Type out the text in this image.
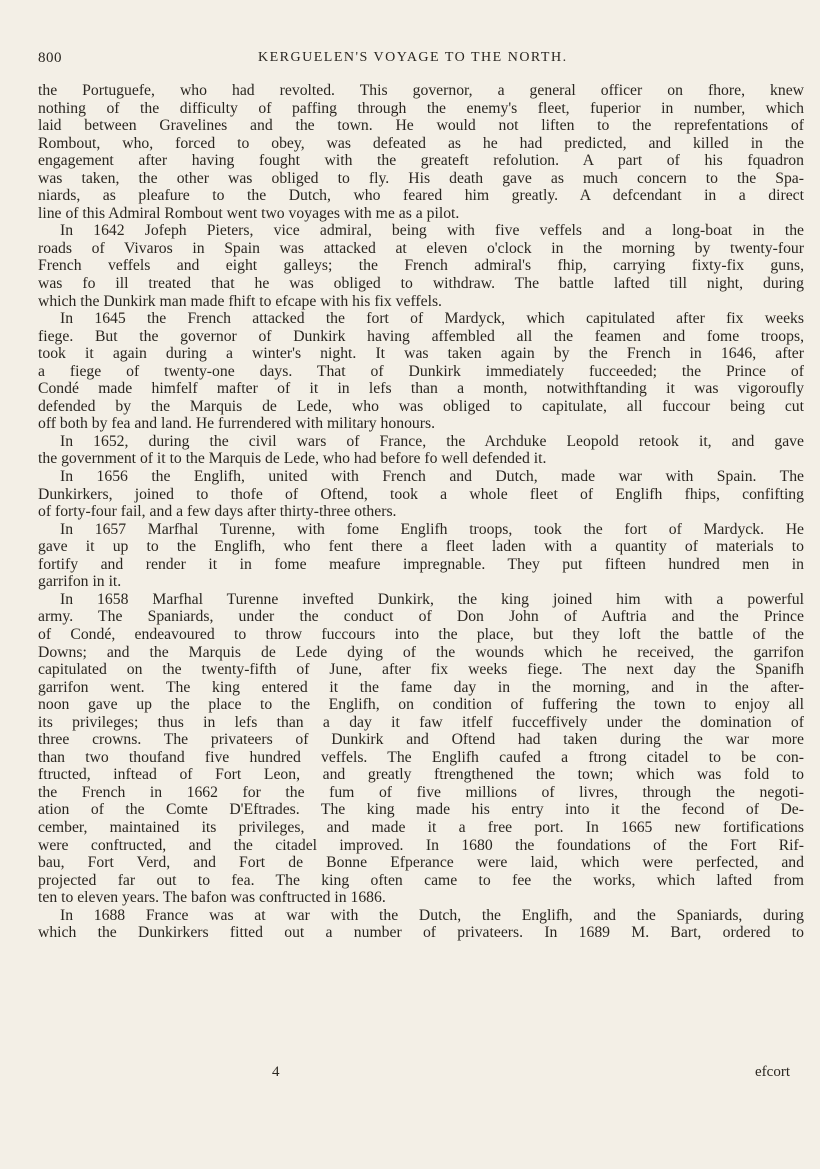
800	KERGUELEN'S VOYAGE TO THE NORTH.
the Portuguefe, who had revolted. This governor, a general officer on fhore, knew
nothing of the difficulty of paffing through the enemy's fleet, fuperior in number, which
laid between Gravelines and the town. He would not liften to the reprefentations of
Rombout, who, forced to obey, was defeated as he had predicted, and killed in the
engagement after having fought with the greateft refolution. A part of his fquadron
was taken, the other was obliged to fly. His death gave as much concern to the Spa-
niards, as pleafure to the Dutch, who feared him greatly. A defcendant in a direct
line of this Admiral Rombout went two voyages with me as a pilot.
In 1642 Jofeph Pieters, vice admiral, being with five veffels and a long-boat in the
roads of Vivaros in Spain was attacked at eleven o'clock in the morning by twenty-four
French veffels and eight galleys; the French admiral's fhip, carrying fixty-fix guns,
was fo ill treated that he was obliged to withdraw. The battle lafted till night, during
which the Dunkirk man made fhift to efcape with his fix veffels.
In 1645 the French attacked the fort of Mardyck, which capitulated after fix weeks
fiege. But the governor of Dunkirk having affembled all the feamen and fome troops,
took it again during a winter's night. It was taken again by the French in 1646, after
a fiege of twenty-one days. That of Dunkirk immediately fucceeded; the Prince of
Condé made himfelf mafter of it in lefs than a month, notwithftanding it was vigoroufly
defended by the Marquis de Lede, who was obliged to capitulate, all fuccour being cut
off both by fea and land. He furrendered with military honours.
In 1652, during the civil wars of France, the Archduke Leopold retook it, and gave
the government of it to the Marquis de Lede, who had before fo well defended it.
In 1656 the Englifh, united with French and Dutch, made war with Spain. The
Dunkirkers, joined to thofe of Oftend, took a whole fleet of Englifh fhips, confifting
of forty-four fail, and a few days after thirty-three others.
In 1657 Marfhal Turenne, with fome Englifh troops, took the fort of Mardyck. He
gave it up to the Englifh, who fent there a fleet laden with a quantity of materials to
fortify and render it in fome meafure impregnable. They put fifteen hundred men in
garrifon in it.
In 1658 Marfhal Turenne invefted Dunkirk, the king joined him with a powerful
army. The Spaniards, under the conduct of Don John of Auftria and the Prince
of Condé, endeavoured to throw fuccours into the place, but they loft the battle of the
Downs; and the Marquis de Lede dying of the wounds which he received, the garrifon
capitulated on the twenty-fifth of June, after fix weeks fiege. The next day the Spanifh
garrifon went. The king entered it the fame day in the morning, and in the after-
noon gave up the place to the Englifh, on condition of fuffering the town to enjoy all
its privileges; thus in lefs than a day it faw itfelf fucceffively under the domination of
three crowns. The privateers of Dunkirk and Oftend had taken during the war more
than two thoufand five hundred veffels. The Englifh caufed a ftrong citadel to be con-
ftructed, inftead of Fort Leon, and greatly ftrengthened the town; which was fold to
the French in 1662 for the fum of five millions of livres, through the negoti-
ation of the Comte D'Eftrades. The king made his entry into it the fecond of De-
cember, maintained its privileges, and made it a free port. In 1665 new fortifications
were conftructed, and the citadel improved. In 1680 the foundations of the Fort Rif-
bau, Fort Verd, and Fort de Bonne Efperance were laid, which were perfected, and
projected far out to fea. The king often came to fee the works, which lafted from
ten to eleven years. The bafon was conftructed in 1686.
In 1688 France was at war with the Dutch, the Englifh, and the Spaniards, during
which the Dunkirkers fitted out a number of privateers. In 1689 M. Bart, ordered to
4	efcort
